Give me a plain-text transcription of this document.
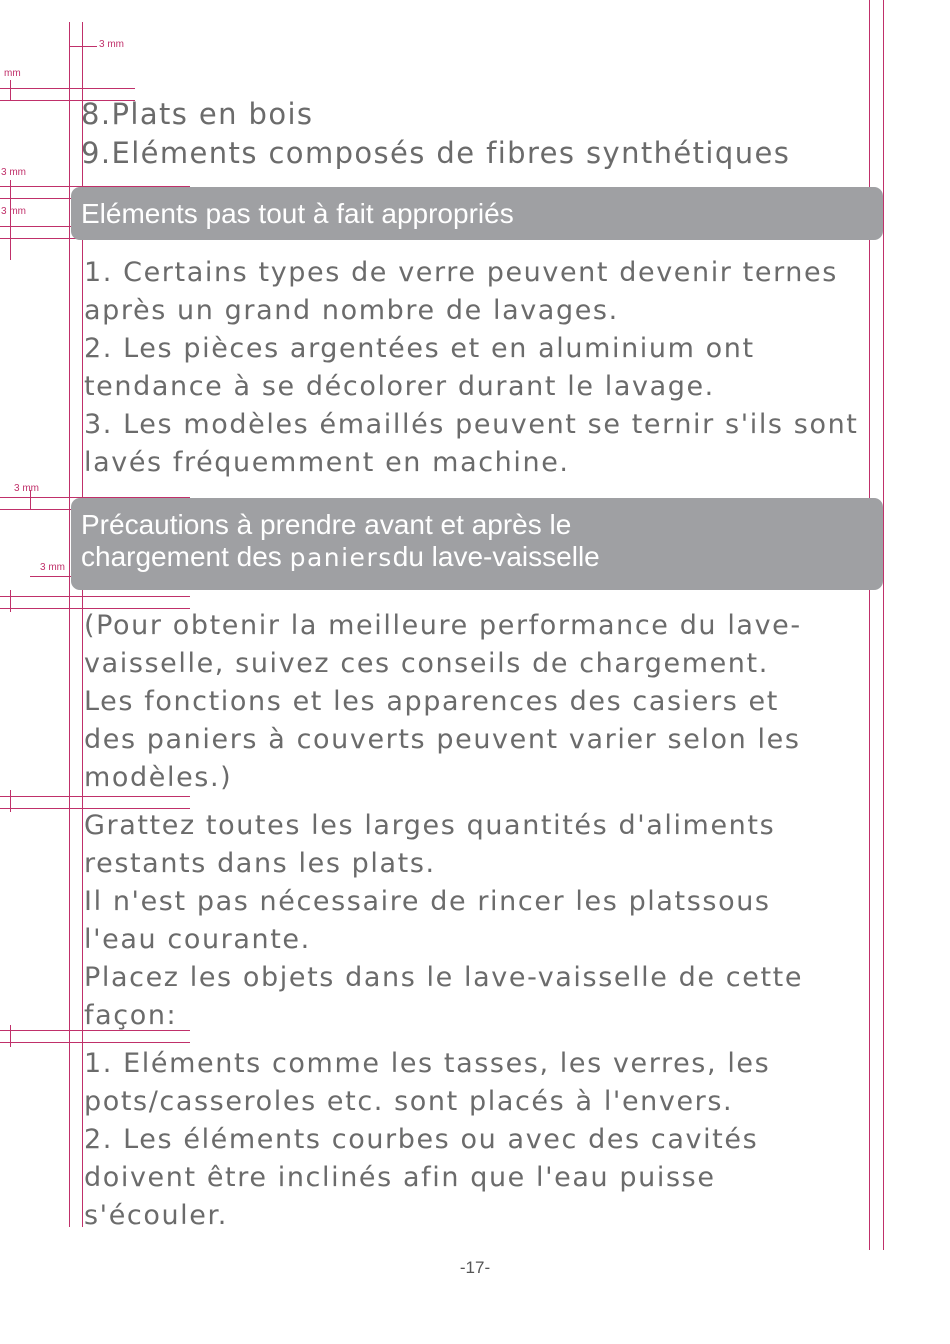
3 mm
mm
3 mm
3 mm
3 mm
3 mm
8.Plats en bois
9.Eléments composés de fibres synthétiques
Eléments pas tout à fait appropriés
1. Certains types de verre peuvent devenir ternes
après un grand nombre de lavages.
2. Les pièces argentées et en aluminium ont
tendance à se décolorer durant le lavage.
3. Les modèles émaillés peuvent se ternir s'ils sont
lavés fréquemment en machine.
Précautions à prendre avant et après le
chargement des paniersdu lave-vaisselle
(Pour obtenir la meilleure performance du lave-
vaisselle, suivez ces conseils de chargement.
Les fonctions et les apparences des casiers et
des paniers à couverts peuvent varier selon les
modèles.)
Grattez toutes les larges quantités d'aliments
restants dans les plats.
Il n'est pas nécessaire de rincer les platssous
l'eau courante.
Placez les objets dans le lave-vaisselle de cette
façon:
1. Eléments comme les tasses, les verres, les
pots/casseroles etc. sont placés à l'envers.
2. Les éléments courbes ou avec des cavités
doivent être inclinés afin que l'eau puisse
s'écouler.
-17-
